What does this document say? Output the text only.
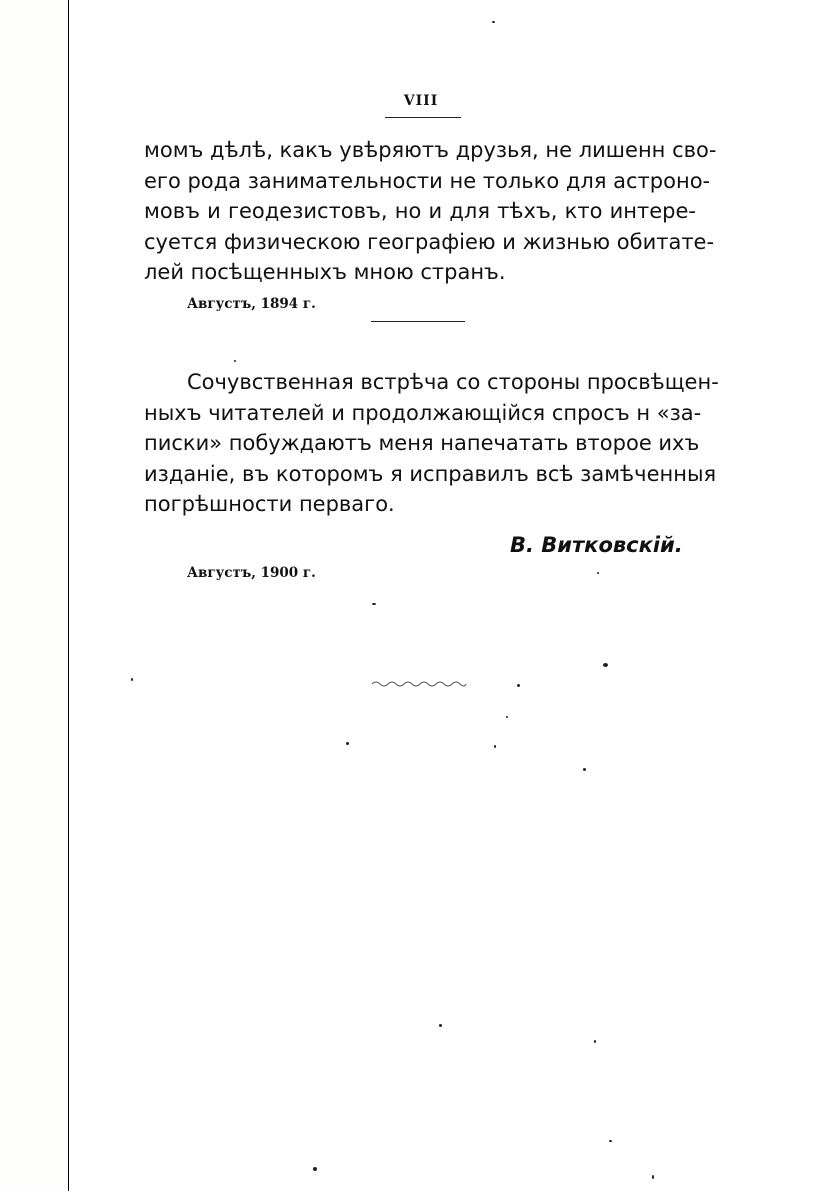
VIII

момъ дѣлѣ, какъ увѣряютъ друзья, не лишенн сво-
его рода занимательности не только для астроно-
мовъ и геодезистовъ, но и для тѣхъ, кто интере-
суется физическою географіею и жизнью обитате-
лей посѣщенныхъ мною странъ.

Августъ, 1894 г.

Сочувственная встрѣча со стороны просвѣщен-
ныхъ читателей и продолжающійся спросъ н «за-
писки» побуждаютъ меня напечатать второе ихъ
изданіе, въ которомъ я исправилъ всѣ замѣченныя
погрѣшности перваго.

В. Витковскій.
Августъ, 1900 г.
